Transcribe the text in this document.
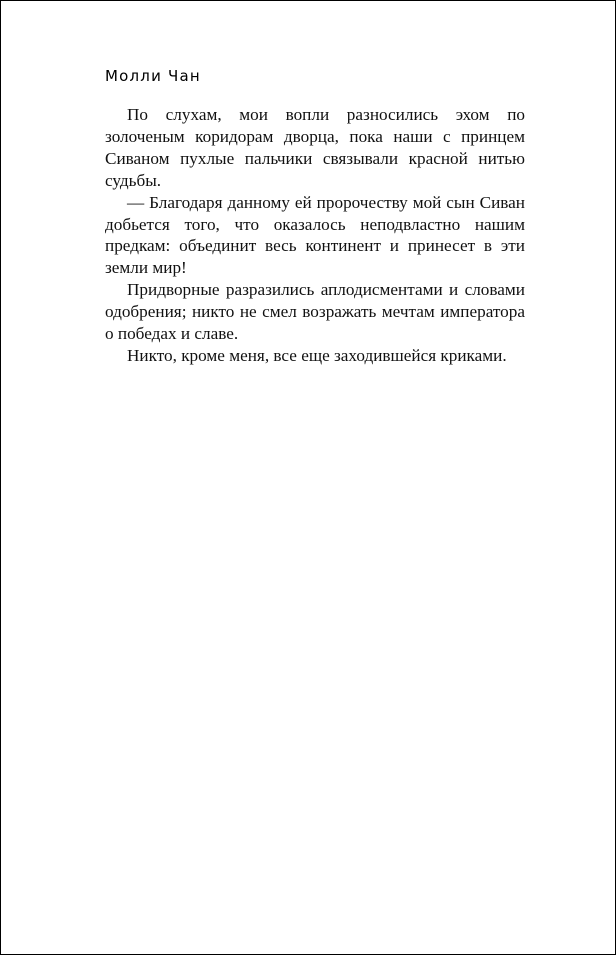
Молли Чан

По слухам, мои вопли разносились эхом по золоченым коридорам дворца, пока наши с принцем Сиваном пухлые пальчики связывали красной нитью судьбы.

— Благодаря данному ей пророчеству мой сын Сиван добьется того, что оказалось неподвластно нашим предкам: объединит весь континент и принесет в эти земли мир!

Придворные разразились аплодисментами и словами одобрения; никто не смел возражать мечтам императора о победах и славе.

Никто, кроме меня, все еще заходившейся криками.
